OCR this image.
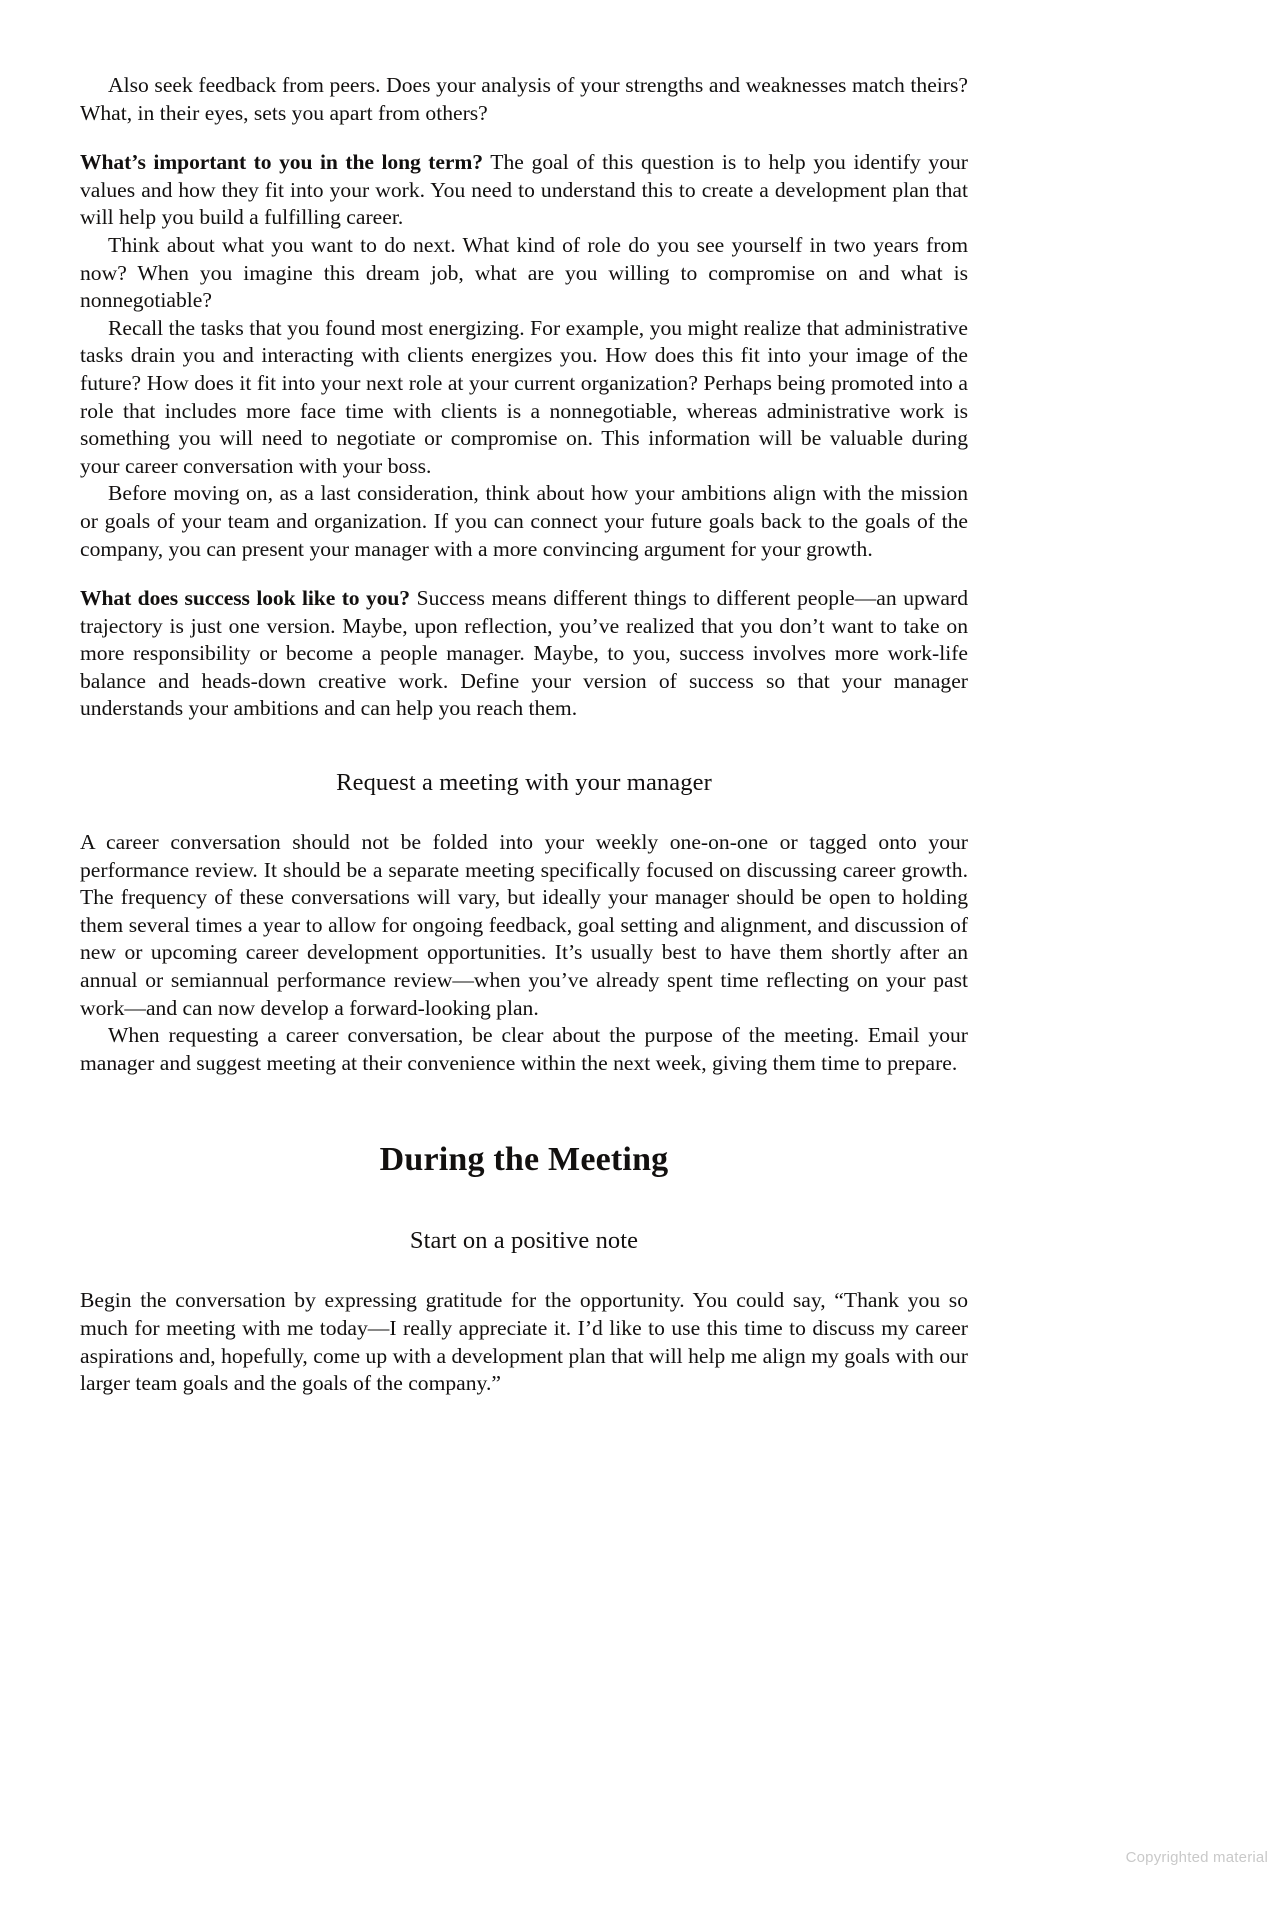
Also seek feedback from peers. Does your analysis of your strengths and weaknesses match theirs? What, in their eyes, sets you apart from others?

What’s important to you in the long term? The goal of this question is to help you identify your values and how they fit into your work. You need to understand this to create a development plan that will help you build a fulfilling career.

Think about what you want to do next. What kind of role do you see yourself in two years from now? When you imagine this dream job, what are you willing to compromise on and what is nonnegotiable?

Recall the tasks that you found most energizing. For example, you might realize that administrative tasks drain you and interacting with clients energizes you. How does this fit into your image of the future? How does it fit into your next role at your current organization? Perhaps being promoted into a role that includes more face time with clients is a nonnegotiable, whereas administrative work is something you will need to negotiate or compromise on. This information will be valuable during your career conversation with your boss.

Before moving on, as a last consideration, think about how your ambitions align with the mission or goals of your team and organization. If you can connect your future goals back to the goals of the company, you can present your manager with a more convincing argument for your growth.

What does success look like to you? Success means different things to different people—an upward trajectory is just one version. Maybe, upon reflection, you’ve realized that you don’t want to take on more responsibility or become a people manager. Maybe, to you, success involves more work-life balance and heads-down creative work. Define your version of success so that your manager understands your ambitions and can help you reach them.

Request a meeting with your manager

A career conversation should not be folded into your weekly one-on-one or tagged onto your performance review. It should be a separate meeting specifically focused on discussing career growth. The frequency of these conversations will vary, but ideally your manager should be open to holding them several times a year to allow for ongoing feedback, goal setting and alignment, and discussion of new or upcoming career development opportunities. It’s usually best to have them shortly after an annual or semiannual performance review—when you’ve already spent time reflecting on your past work—and can now develop a forward-looking plan.

When requesting a career conversation, be clear about the purpose of the meeting. Email your manager and suggest meeting at their convenience within the next week, giving them time to prepare.

During the Meeting
Start on a positive note

Begin the conversation by expressing gratitude for the opportunity. You could say, “Thank you so much for meeting with me today—I really appreciate it. I’d like to use this time to discuss my career aspirations and, hopefully, come up with a development plan that will help me align my goals with our larger team goals and the goals of the company.”

Copyrighted material
